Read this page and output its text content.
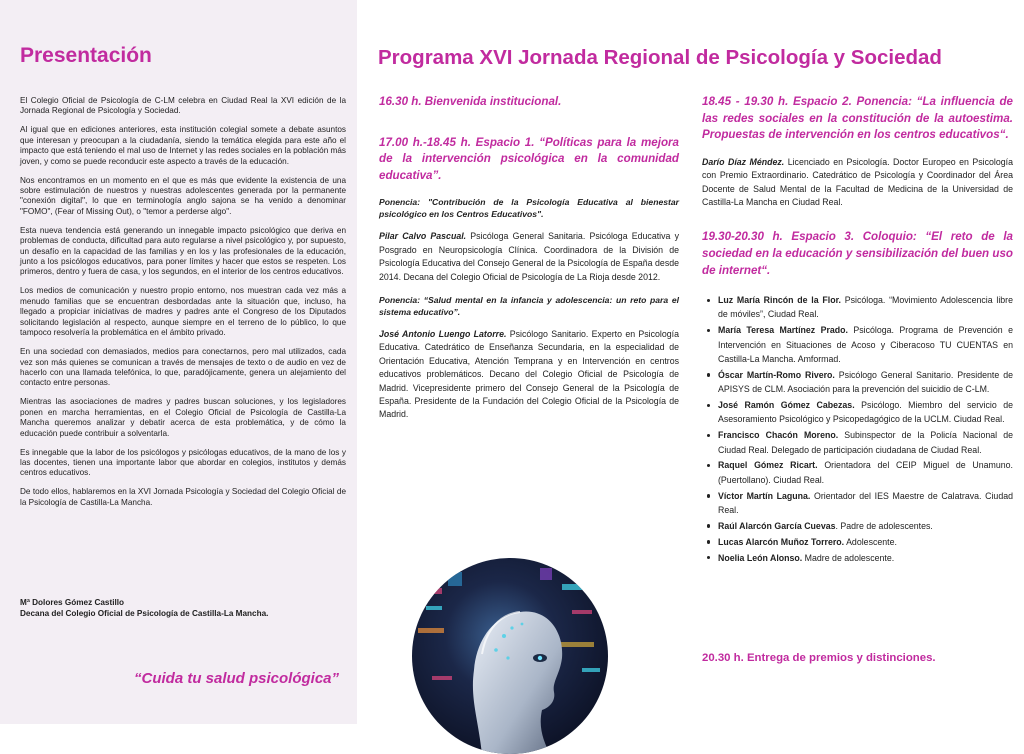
Presentación

El Colegio Oficial de Psicología de C-LM celebra en Ciudad Real la XVI edición de la Jornada Regional de Psicología y Sociedad.

Al igual que en ediciones anteriores, esta institución colegial somete a debate asuntos que interesan y preocupan a la ciudadanía, siendo la temática elegida para este año el impacto que está teniendo el mal uso de Internet y las redes sociales en la población más joven, y como se puede reconducir este aspecto a través de la educación.

Nos encontramos en un momento en el que es más que evidente la existencia de una sobre estimulación de nuestros y nuestras adolescentes generada por la permanente "conexión digital", lo que en terminología anglo sajona se ha venido a denominar "FOMO", (Fear of Missing Out), o "temor a perderse algo".

Esta nueva tendencia está generando un innegable impacto psicológico que deriva en problemas de conducta, dificultad para auto regularse a nivel psicológico y, por supuesto, un desafío en la capacidad de las familias y en los y las profesionales de la educación, junto a los psicólogos educativos, para poner límites y hacer que estos se respeten. Los primeros, dentro y fuera de casa, y los segundos, en el interior de los centros educativos.

Los medios de comunicación y nuestro propio entorno, nos muestran cada vez más a menudo familias que se encuentran desbordadas ante la situación que, incluso, ha llegado a propiciar iniciativas de madres y padres ante el Congreso de los Diputados solicitando legislación al respecto, aunque siempre en el terreno de lo público, lo que tampoco resolvería la problemática en el ámbito privado.

En una sociedad con demasiados, medios para conectarnos, pero mal utilizados, cada vez son más quienes se comunican a través de mensajes de texto o de audio en vez de hacerlo con una llamada telefónica, lo que, paradójicamente, genera un alejamiento del contacto entre personas.

Mientras las asociaciones de madres y padres buscan soluciones, y los legisladores ponen en marcha herramientas, en el Colegio Oficial de Psicología de Castilla-La Mancha queremos analizar y debatir acerca de esta problemática, y de cómo la educación puede contribuir a solventarla.

Es innegable que la labor de los psicólogos y psicólogas educativos, de la mano de los y las docentes, tienen una importante labor que abordar en colegios, institutos y demás centros educativos.

De todo ellos, hablaremos en la XVI Jornada Psicología y Sociedad del Colegio Oficial de la Psicología de Castilla-La Mancha.

Mª Dolores Gómez Castillo
Decana del Colegio Oficial de Psicología de Castilla-La Mancha.
“Cuida tu salud psicológica”
Programa XVI Jornada Regional de Psicología y Sociedad
16.30 h. Bienvenida institucional.
17.00 h.-18.45 h. Espacio 1. “Políticas para la mejora de la intervención psicológica en la comunidad educativa”.
Ponencia: "Contribución de la Psicología Educativa al bienestar psicológico en los Centros Educativos".
Pilar Calvo Pascual. Psicóloga General Sanitaria. Psicóloga Educativa y Posgrado en Neuropsicología Clínica. Coordinadora de la División de Psicología Educativa del Consejo General de la Psicología de España desde 2014. Decana del Colegio Oficial de Psicología de La Rioja desde 2012.
Ponencia: “Salud mental en la infancia y adolescencia: un reto para el sistema educativo”.
José Antonio Luengo Latorre. Psicólogo Sanitario. Experto en Psicología Educativa. Catedrático de Enseñanza Secundaria, en la especialidad de Orientación Educativa, Atención Temprana y en Intervención en centros educativos problemáticos. Decano del Colegio Oficial de Psicología de Madrid. Vicepresidente primero del Consejo General de la Psicología de España. Presidente de la Fundación del Colegio Oficial de la Psicología de Madrid.
18.45 - 19.30 h. Espacio 2. Ponencia: “La influencia de las redes sociales en la constitución de la autoestima. Propuestas de intervención en los centros educativos“.
Darío Díaz Méndez. Licenciado en Psicología. Doctor Europeo en Psicología con Premio Extraordinario. Catedrático de Psicología y Coordinador del Área Docente de Salud Mental de la Facultad de Medicina de la Universidad de Castilla-La Mancha en Ciudad Real.
19.30-20.30 h. Espacio 3. Coloquio: “El reto de la sociedad en la educación y sensibilización del buen uso de internet“.
Luz María Rincón de la Flor. Psicóloga. “Movimiento Adolescencia libre de móviles”, Ciudad Real.
María Teresa Martínez Prado. Psicóloga. Programa de Prevención e Intervención en Situaciones de Acoso y Ciberacoso TU CUENTAS en Castilla-La Mancha. Amformad.
Óscar Martín-Romo Rivero. Psicólogo General Sanitario. Presidente de APISYS de CLM. Asociación para la prevención del suicidio de C-LM.
José Ramón Gómez Cabezas. Psicólogo. Miembro del servicio de Asesoramiento Psicológico y Psicopedagógico de la UCLM. Ciudad Real.
Francisco Chacón Moreno. Subinspector de la Policía Nacional de Ciudad Real. Delegado de participación ciudadana de Ciudad Real.
Raquel Gómez Ricart. Orientadora del CEIP Miguel de Unamuno. (Puertollano). Ciudad Real.
Víctor Martín Laguna. Orientador del IES Maestre de Calatrava. Ciudad Real.
Raúl Alarcón García Cuevas. Padre de adolescentes.
Lucas Alarcón Muñoz Torrero. Adolescente.
Noelia León Alonso. Madre de adolescente.
20.30 h. Entrega de premios y distinciones.
